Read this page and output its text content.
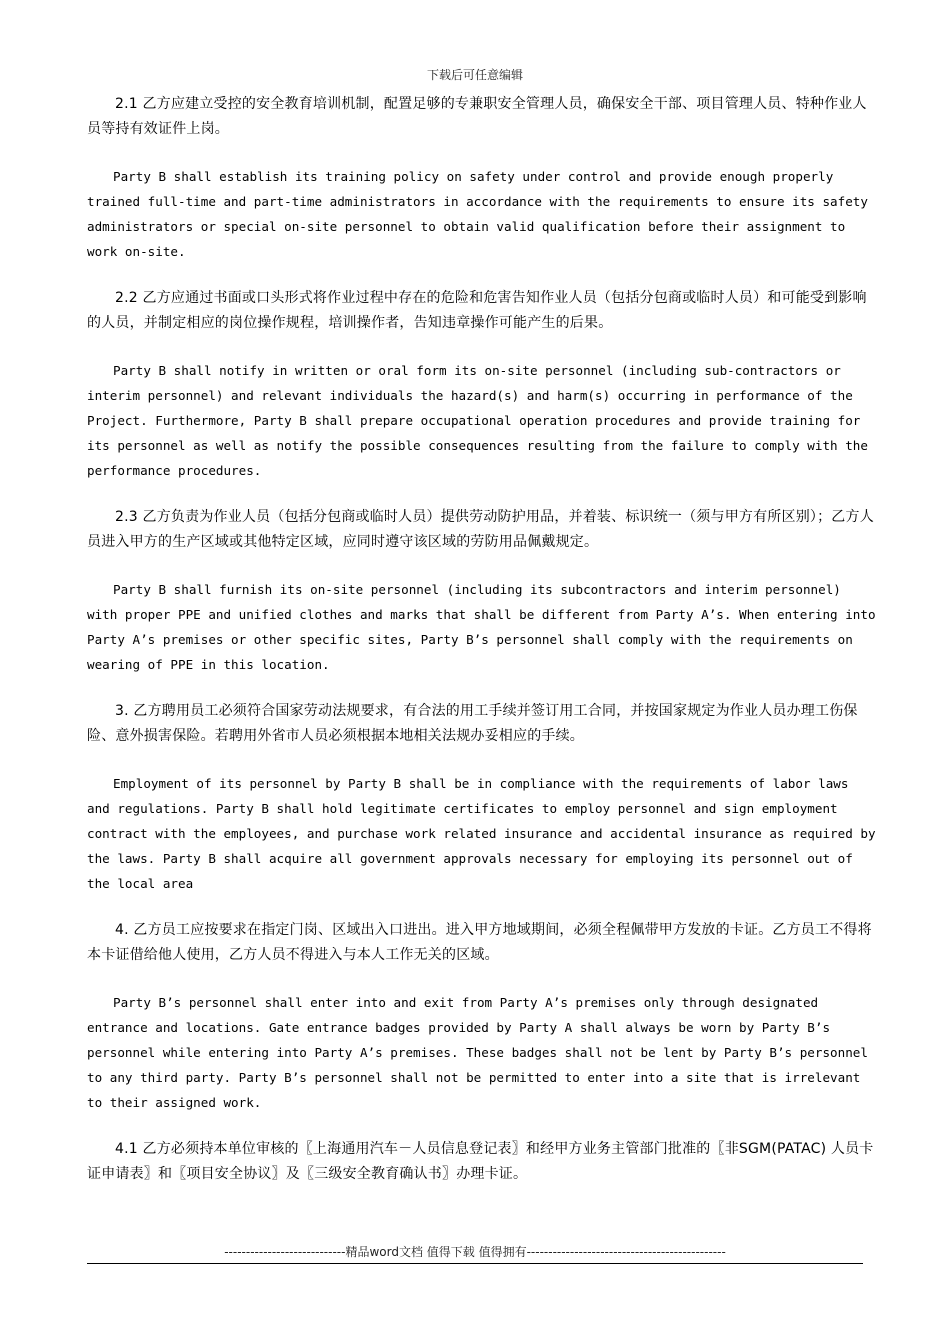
下载后可任意编辑

2.1 乙方应建立受控的安全教育培训机制，配置足够的专兼职安全管理人员，确保安全干部、项目管理人员、特种作业人员等持有效证件上岗。

Party B shall establish its training policy on safety under control and provide enough properly trained full-time and part-time administrators in accordance with the requirements to ensure its safety administrators or special on-site personnel to obtain valid qualification before their assignment to work on-site.

2.2 乙方应通过书面或口头形式将作业过程中存在的危险和危害告知作业人员（包括分包商或临时人员）和可能受到影响的人员，并制定相应的岗位操作规程，培训操作者，告知违章操作可能产生的后果。

Party B shall notify in written or oral form its on-site personnel (including sub-contractors or interim personnel) and relevant individuals the hazard(s) and harm(s) occurring in performance of the Project. Furthermore, Party B shall prepare occupational operation procedures and provide training for its personnel as well as notify the possible consequences resulting from the failure to comply with the performance procedures.

2.3 乙方负责为作业人员（包括分包商或临时人员）提供劳动防护用品，并着装、标识统一（须与甲方有所区别）；乙方人员进入甲方的生产区域或其他特定区域，应同时遵守该区域的劳防用品佩戴规定。

Party B shall furnish its on-site personnel (including its subcontractors and interim personnel) with proper PPE and unified clothes and marks that shall be different from Party A’s. When entering into Party A’s premises or other specific sites, Party B’s personnel shall comply with the requirements on wearing of PPE in this location.

3. 乙方聘用员工必须符合国家劳动法规要求，有合法的用工手续并签订用工合同，并按国家规定为作业人员办理工伤保险、意外损害保险。若聘用外省市人员必须根据本地相关法规办妥相应的手续。

Employment of its personnel by Party B shall be in compliance with the requirements of labor laws and regulations. Party B shall hold legitimate certificates to employ personnel and sign employment contract with the employees, and purchase work related insurance and accidental insurance as required by the laws. Party B shall acquire all government approvals necessary for employing its personnel out of the local area

4. 乙方员工应按要求在指定门岗、区域出入口进出。进入甲方地域期间，必须全程佩带甲方发放的卡证。乙方员工不得将本卡证借给他人使用，乙方人员不得进入与本人工作无关的区域。

Party B’s personnel shall enter into and exit from Party A’s premises only through designated entrance and locations. Gate entrance badges provided by Party A shall always be worn by Party B’s personnel while entering into Party A’s premises. These badges shall not be lent by Party B’s personnel to any third party. Party B’s personnel shall not be permitted to enter into a site that is irrelevant to their assigned work.

4.1 乙方必须持本单位审核的〖上海通用汽车－人员信息登记表〗和经甲方业务主管部门批准的〖非SGM(PATAC) 人员卡证申请表〗和〖项目安全协议〗及〖三级安全教育确认书〗办理卡证。

----------------------------精品word文档 值得下载 值得拥有----------------------------------------------
